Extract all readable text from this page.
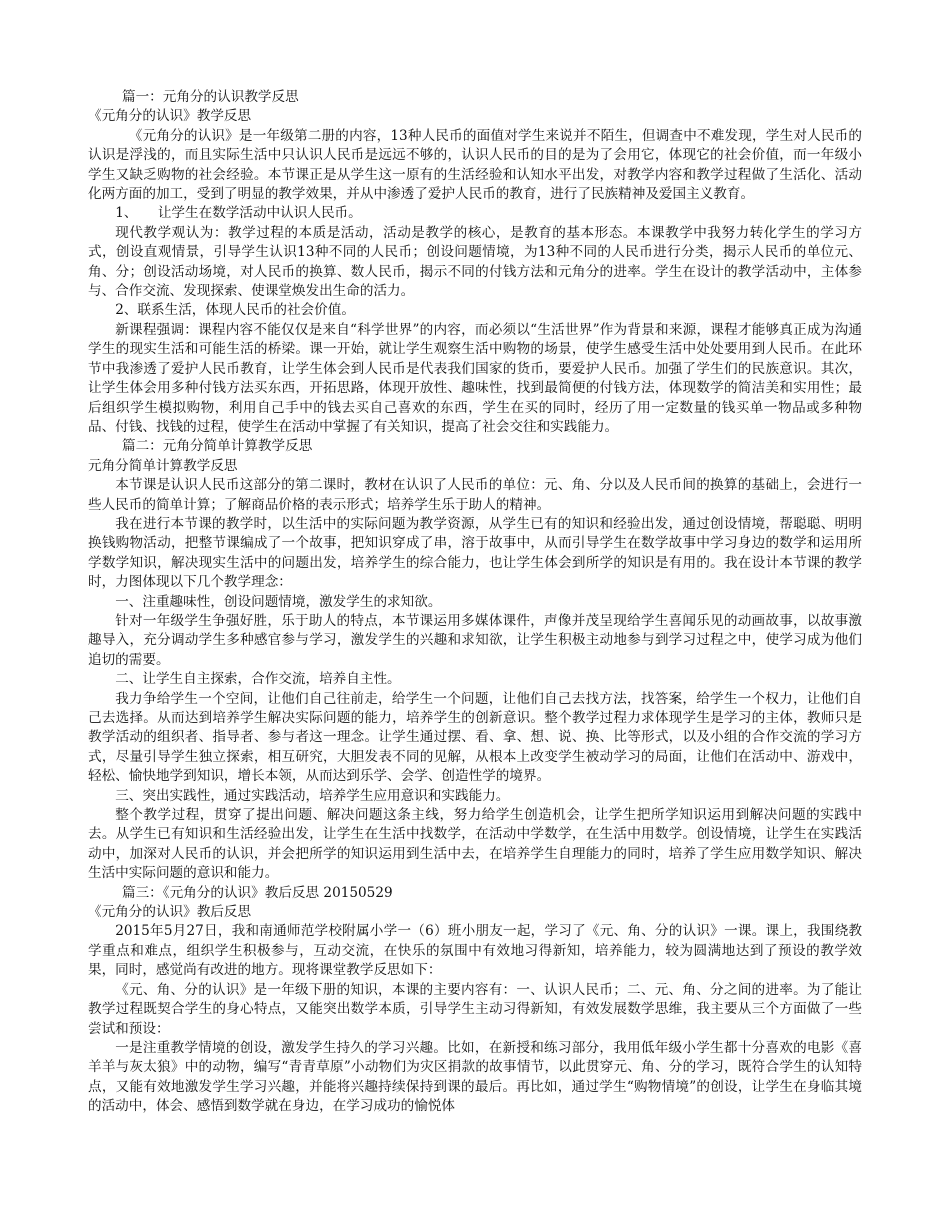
篇一：元角分的认识教学反思

《元角分的认识》教学反思

《元角分的认识》是一年级第二册的内容，13种人民币的面值对学生来说并不陌生，但调查中不难发现，学生对人民币的认识是浮浅的，而且实际生活中只认识人民币是远远不够的，认识人民币的目的是为了会用它，体现它的社会价值，而一年级小学生又缺乏购物的社会经验。本节课正是从学生这一原有的生活经验和认知水平出发，对教学内容和教学过程做了生活化、活动化两方面的加工，受到了明显的教学效果，并从中渗透了爱护人民币的教育，进行了民族精神及爱国主义教育。

1、　　让学生在数学活动中认识人民币。

现代教学观认为：教学过程的本质是活动，活动是教学的核心，是教育的基本形态。本课教学中我努力转化学生的学习方式，创设直观情景，引导学生认识13种不同的人民币；创设问题情境，为13种不同的人民币进行分类，揭示人民币的单位元、角、分；创设活动场境，对人民币的换算、数人民币，揭示不同的付钱方法和元角分的进率。学生在设计的教学活动中，主体参与、合作交流、发现探索、使课堂焕发出生命的活力。

2、联系生活，体现人民币的社会价值。

新课程强调：课程内容不能仅仅是来自“科学世界”的内容，而必须以“生活世界”作为背景和来源，课程才能够真正成为沟通学生的现实生活和可能生活的桥梁。课一开始，就让学生观察生活中购物的场景，使学生感受生活中处处要用到人民币。在此环节中我渗透了爱护人民币教育，让学生体会到人民币是代表我们国家的货币，要爱护人民币。加强了学生们的民族意识。其次，让学生体会用多种付钱方法买东西，开拓思路，体现开放性、趣味性，找到最简便的付钱方法，体现数学的简洁美和实用性；最后组织学生模拟购物，利用自己手中的钱去买自己喜欢的东西，学生在买的同时，经历了用一定数量的钱买单一物品或多种物品、付钱、找钱的过程，使学生在活动中掌握了有关知识，提高了社会交往和实践能力。

篇二：元角分简单计算教学反思

元角分简单计算教学反思

本节课是认识人民币这部分的第二课时，教材在认识了人民币的单位：元、角、分以及人民币间的换算的基础上，会进行一些人民币的简单计算；了解商品价格的表示形式；培养学生乐于助人的精神。

我在进行本节课的教学时，以生活中的实际问题为教学资源，从学生已有的知识和经验出发，通过创设情境，帮聪聪、明明换钱购物活动，把整节课编成了一个故事，把知识穿成了串，溶于故事中，从而引导学生在数学故事中学习身边的数学和运用所学数学知识，解决现实生活中的问题出发，培养学生的综合能力，也让学生体会到所学的知识是有用的。我在设计本节课的教学时，力图体现以下几个教学理念：

一、注重趣味性，创设问题情境，激发学生的求知欲。

针对一年级学生争强好胜，乐于助人的特点，本节课运用多媒体课件，声像并茂呈现给学生喜闻乐见的动画故事，以故事激趣导入，充分调动学生多种感官参与学习，激发学生的兴趣和求知欲，让学生积极主动地参与到学习过程之中，使学习成为他们追切的需要。

二、让学生自主探索，合作交流，培养自主性。

我力争给学生一个空间，让他们自己往前走，给学生一个问题，让他们自己去找方法，找答案，给学生一个权力，让他们自己去选择。从而达到培养学生解决实际问题的能力，培养学生的创新意识。整个教学过程力求体现学生是学习的主体，教师只是教学活动的组织者、指导者、参与者这一理念。让学生通过摆、看、拿、想、说、换、比等形式，以及小组的合作交流的学习方式，尽量引导学生独立探索，相互研究，大胆发表不同的见解，从根本上改变学生被动学习的局面，让他们在活动中、游戏中，轻松、愉快地学到知识，增长本领，从而达到乐学、会学、创造性学的境界。

三、突出实践性，通过实践活动，培养学生应用意识和实践能力。

整个教学过程，贯穿了提出问题、解决问题这条主线，努力给学生创造机会，让学生把所学知识运用到解决问题的实践中去。从学生已有知识和生活经验出发，让学生在生活中找数学，在活动中学数学，在生活中用数学。创设情境，让学生在实践活动中，加深对人民币的认识，并会把所学的知识运用到生活中去，在培养学生自理能力的同时，培养了学生应用数学知识、解决生活中实际问题的意识和能力。

篇三：《元角分的认识》教后反思 20150529

《元角分的认识》教后反思

2015年5月27日，我和南通师范学校附属小学一（6）班小朋友一起，学习了《元、角、分的认识》一课。课上，我围绕教学重点和难点，组织学生积极参与，互动交流，在快乐的氛围中有效地习得新知，培养能力，较为圆满地达到了预设的教学效果，同时，感觉尚有改进的地方。现将课堂教学反思如下：

《元、角、分的认识》是一年级下册的知识，本课的主要内容有：一、认识人民币；二、元、角、分之间的进率。为了能让教学过程既契合学生的身心特点，又能突出数学本质，引导学生主动习得新知，有效发展数学思维，我主要从三个方面做了一些尝试和预设：

一是注重教学情境的创设，激发学生持久的学习兴趣。比如，在新授和练习部分，我用低年级小学生都十分喜欢的电影《喜羊羊与灰太狼》中的动物，编写“青青草原”小动物们为灾区捐款的故事情节，以此贯穿元、角、分的学习，既符合学生的认知特点，又能有效地激发学生学习兴趣，并能将兴趣持续保持到课的最后。再比如，通过学生“购物情境”的创设，让学生在身临其境的活动中，体会、感悟到数学就在身边，在学习成功的愉悦体
